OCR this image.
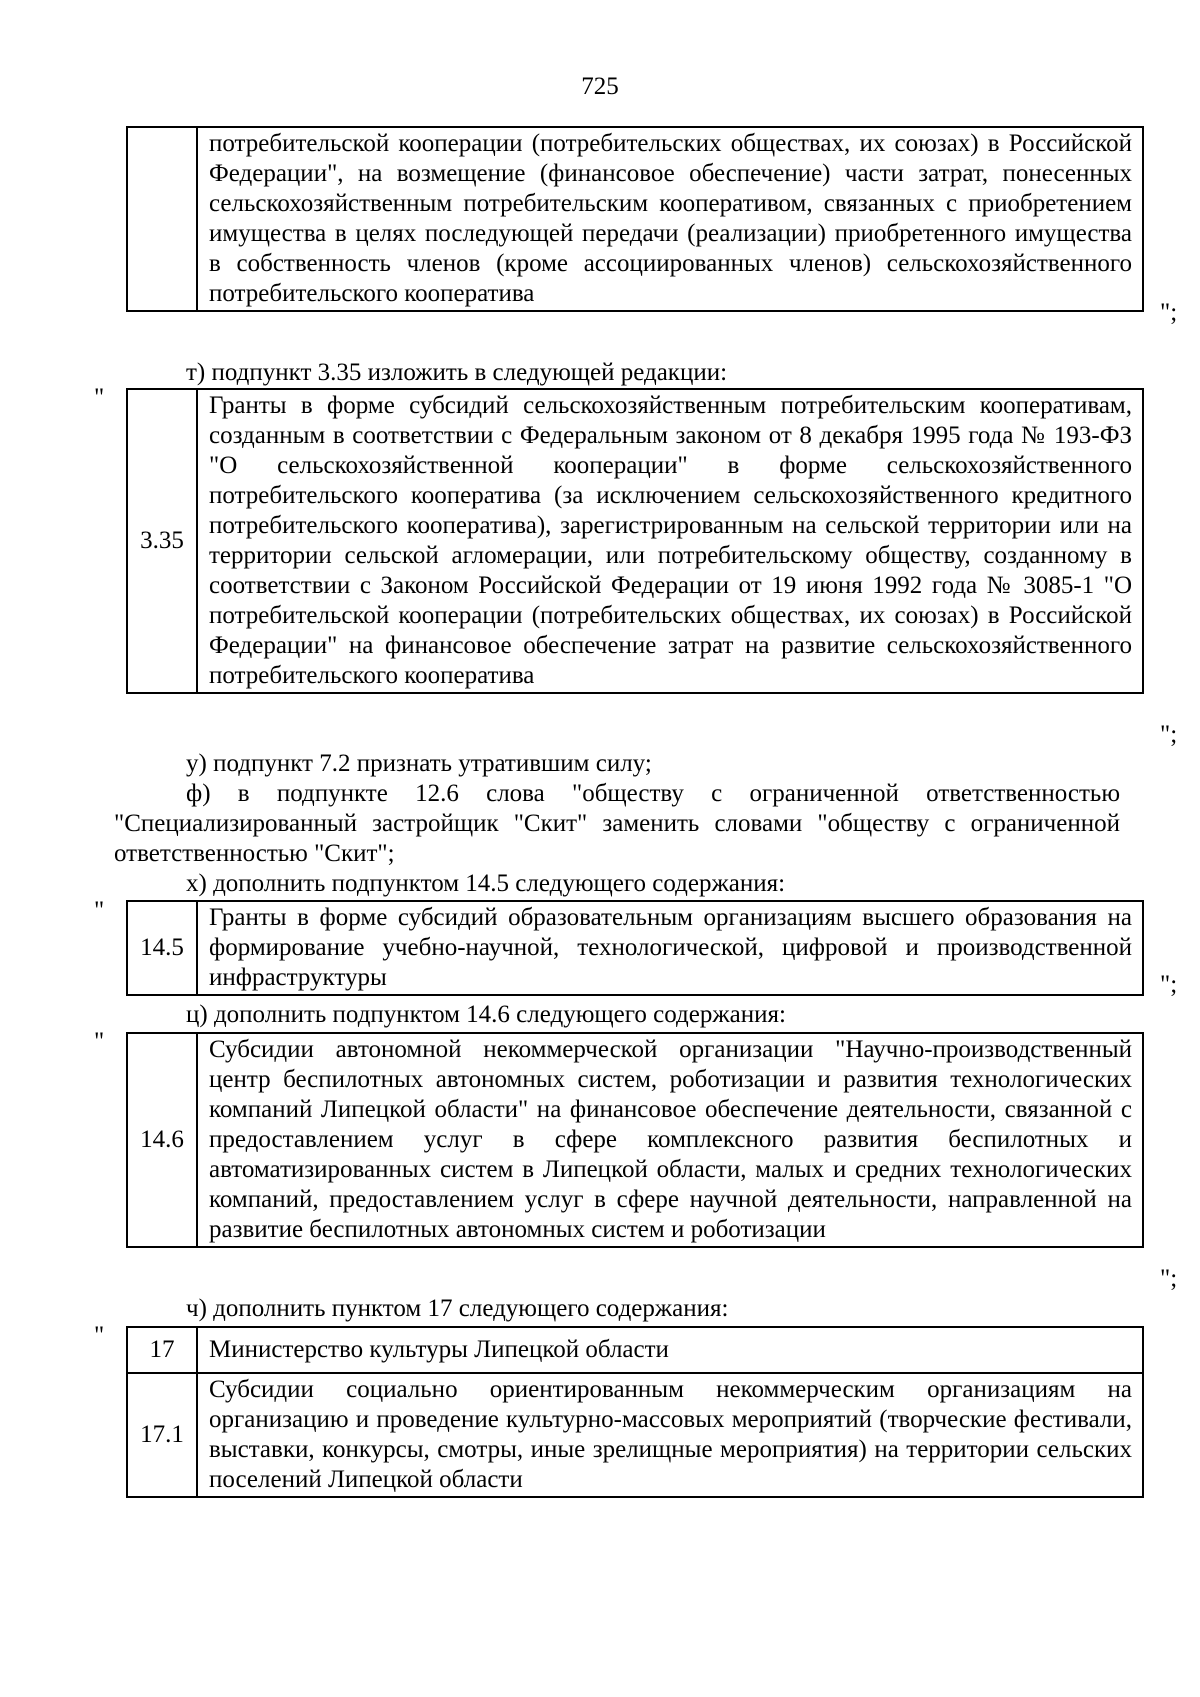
725
	потребительской кооперации (потребительских обществах, их союзах) в Российской Федерации", на возмещение (финансовое обеспечение) части затрат, понесенных сельскохозяйственным потребительским кооперативом, связанных с приобретением имущества в целях последующей передачи (реализации) приобретенного имущества в собственность членов (кроме ассоциированных членов) сельскохозяйственного потребительского кооператива
";
т) подпункт 3.35 изложить в следующей редакции:
"
3.35	Гранты в форме субсидий сельскохозяйственным потребительским кооперативам, созданным в соответствии с Федеральным законом от 8 декабря 1995 года № 193-ФЗ "О сельскохозяйственной кооперации" в форме сельскохозяйственного потребительского кооператива (за исключением сельскохозяйственного кредитного потребительского кооператива), зарегистрированным на сельской территории или на территории сельской агломерации, или потребительскому обществу, созданному в соответствии с Законом Российской Федерации от 19 июня 1992 года № 3085-1 "О потребительской кооперации (потребительских обществах, их союзах) в Российской Федерации" на финансовое обеспечение затрат на развитие сельскохозяйственного потребительского кооператива
";
у) подпункт 7.2 признать утратившим силу;
ф) в подпункте 12.6 слова "обществу с ограниченной ответственностью "Специализированный застройщик "Скит" заменить словами "обществу с ограниченной ответственностью "Скит";
х) дополнить подпунктом 14.5 следующего содержания:
"
14.5	Гранты в форме субсидий образовательным организациям высшего образования на формирование учебно-научной, технологической, цифровой и производственной инфраструктуры	";
ц) дополнить подпунктом 14.6 следующего содержания:
"
14.6	Субсидии автономной некоммерческой организации "Научно-производственный центр беспилотных автономных систем, роботизации и развития технологических компаний Липецкой области" на финансовое обеспечение деятельности, связанной с предоставлением услуг в сфере комплексного развития беспилотных и автоматизированных систем в Липецкой области, малых и средних технологических компаний, предоставлением услуг в сфере научной деятельности, направленной на развитие беспилотных автономных систем и роботизации
";
ч) дополнить пунктом 17 следующего содержания:
"
17	Министерство культуры Липецкой области
17.1	Субсидии социально ориентированным некоммерческим организациям на организацию и проведение культурно-массовых мероприятий (творческие фестивали, выставки, конкурсы, смотры, иные зрелищные мероприятия) на территории сельских поселений Липецкой области
